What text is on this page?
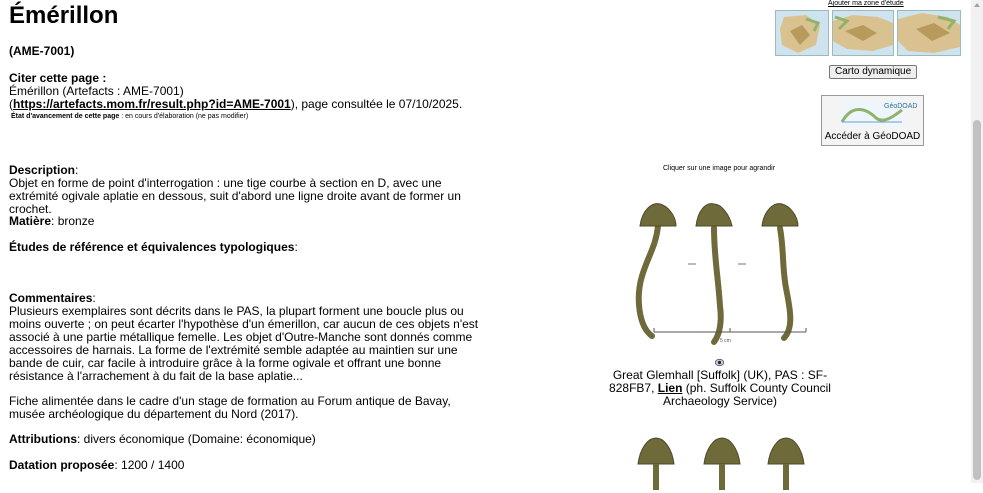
Émérillon
(AME-7001)
Citer cette page :
Émérillon (Artefacts : AME-7001)
(https://artefacts.mom.fr/result.php?id=AME-7001), page consultée le 07/10/2025.
État d'avancement de cette page : en cours d'élaboration (ne pas modifier)
Description:
Objet en forme de point d'interrogation : une tige courbe à section en D, avec une extrémité ogivale aplatie en dessous, suit d'abord une ligne droite avant de former un crochet.
Matière: bronze
Études de référence et équivalences typologiques:
Commentaires:
Plusieurs exemplaires sont décrits dans le PAS, la plupart forment une boucle plus ou moins ouverte ; on peut écarter l'hypothèse d'un émerillon, car aucun de ces objets n'est associé à une partie métallique femelle. Les objet d'Outre-Manche sont donnés comme accessoires de harnais. La forme de l'extrémité semble adaptée au maintien sur une bande de cuir, car facile à introduire grâce à la forme ogivale et offrant une bonne résistance à l'arrachement à du fait de la base aplatie...
Fiche alimentée dans le cadre d'un stage de formation au Forum antique de Bavay, musée archéologique du département du Nord (2017).
Attributions: divers économique (Domaine: économique)
Datation proposée: 1200 / 1400
Ajouter ma zone d'étude
Carto dynamique
GéoDOAD
Accéder à GéoDOAD
Cliquer sur une image pour agrandir
5 cm
Great Glemhall [Suffolk] (UK), PAS : SF-828FB7, Lien (ph. Suffolk County Council Archaeology Service)
